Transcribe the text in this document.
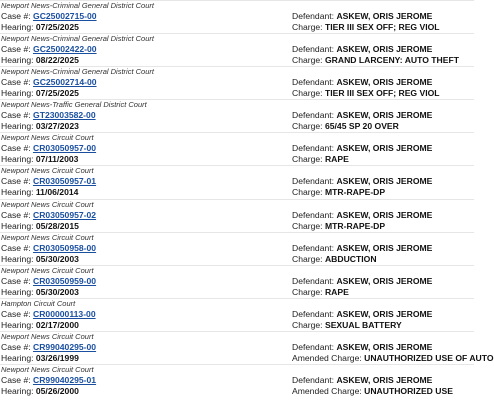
Newport News-Criminal General District Court
Case #: GC25002715-00
Hearing: 07/25/2025
Defendant: ASKEW, ORIS JEROME
Charge: TIER III SEX OFF; REG VIOL
Newport News-Criminal General District Court
Case #: GC25002422-00
Hearing: 08/22/2025
Defendant: ASKEW, ORIS JEROME
Charge: GRAND LARCENY: AUTO THEFT
Newport News-Criminal General District Court
Case #: GC25002714-00
Hearing: 07/25/2025
Defendant: ASKEW, ORIS JEROME
Charge: TIER III SEX OFF; REG VIOL
Newport News-Traffic General District Court
Case #: GT23003582-00
Hearing: 03/27/2023
Defendant: ASKEW, ORIS JEROME
Charge: 65/45 SP 20 OVER
Newport News Circuit Court
Case #: CR03050957-00
Hearing: 07/11/2003
Defendant: ASKEW, ORIS JEROME
Charge: RAPE
Newport News Circuit Court
Case #: CR03050957-01
Hearing: 11/06/2014
Defendant: ASKEW, ORIS JEROME
Charge: MTR-RAPE-DP
Newport News Circuit Court
Case #: CR03050957-02
Hearing: 05/28/2015
Defendant: ASKEW, ORIS JEROME
Charge: MTR-RAPE-DP
Newport News Circuit Court
Case #: CR03050958-00
Hearing: 05/30/2003
Defendant: ASKEW, ORIS JEROME
Charge: ABDUCTION
Newport News Circuit Court
Case #: CR03050959-00
Hearing: 05/30/2003
Defendant: ASKEW, ORIS JEROME
Charge: RAPE
Hampton Circuit Court
Case #: CR00000113-00
Hearing: 02/17/2000
Defendant: ASKEW, ORIS JEROME
Charge: SEXUAL BATTERY
Newport News Circuit Court
Case #: CR99040295-00
Hearing: 03/26/1999
Defendant: ASKEW, ORIS JEROME
Amended Charge: UNAUTHORIZED USE OF AUTO
Newport News Circuit Court
Case #: CR99040295-01
Hearing: 05/26/2000
Defendant: ASKEW, ORIS JEROME
Amended Charge: UNAUTHORIZED USE
